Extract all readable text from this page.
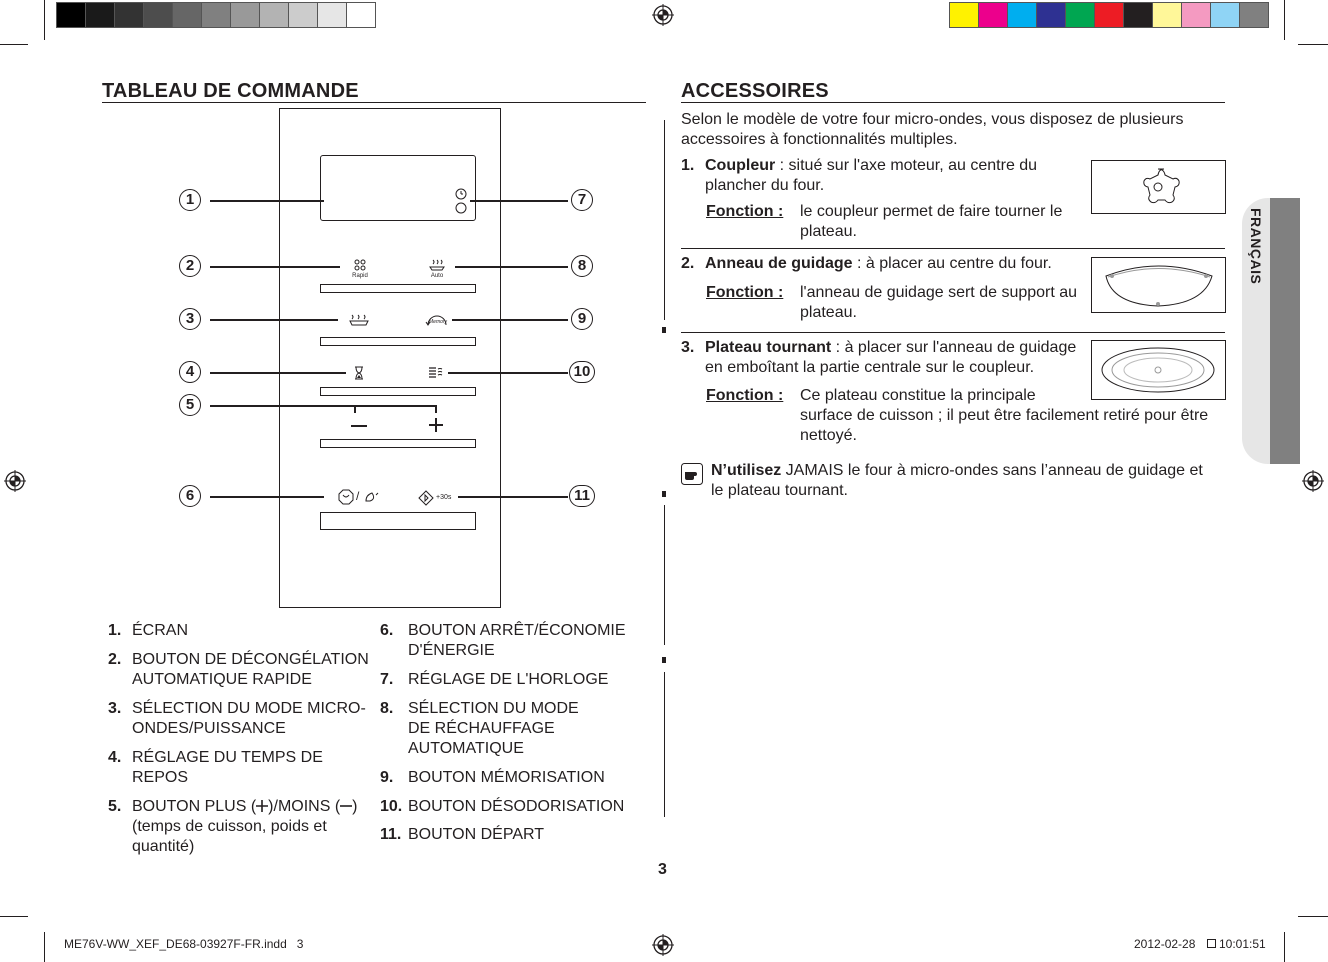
TABLEAU DE COMMANDE
Rapid	Auto
Memory
/	+30s
1
2
3
4
5
6
7
8
9
10
11
1. ÉCRAN
2. BOUTON DE DÉCONGÉLATION AUTOMATIQUE RAPIDE
3. SÉLECTION DU MODE MICRO-ONDES/PUISSANCE
4. RÉGLAGE DU TEMPS DE REPOS
5. BOUTON PLUS ( )/MOINS ( )
(temps de cuisson, poids et quantité)
6. BOUTON ARRÊT/ÉCONOMIE D'ÉNERGIE
7. RÉGLAGE DE L'HORLOGE
8. SÉLECTION DU MODE DE RÉCHAUFFAGE AUTOMATIQUE
9. BOUTON MÉMORISATION
10. BOUTON DÉSODORISATION
11. BOUTON DÉPART
ACCESSOIRES
Selon le modèle de votre four micro-ondes, vous disposez de plusieurs accessoires à fonctionnalités multiples.
1. Coupleur : situé sur l'axe moteur, au centre du
plancher du four.
Fonction : le coupleur permet de faire tourner le
plateau.
2. Anneau de guidage : à placer au centre du four.
Fonction : l'anneau de guidage sert de support au
plateau.
3. Plateau tournant : à placer sur l'anneau de guidage
en emboîtant la partie centrale sur le coupleur.
Fonction : Ce plateau constitue la principale
surface de cuisson ; il peut être facilement retiré pour être
nettoyé.
N’utilisez JAMAIS le four à micro-ondes sans l’anneau de guidage et
le plateau tournant.
FRANÇAIS
3
ME76V-WW_XEF_DE68-03927F-FR.indd   3	2012-02-28 10:01:51
